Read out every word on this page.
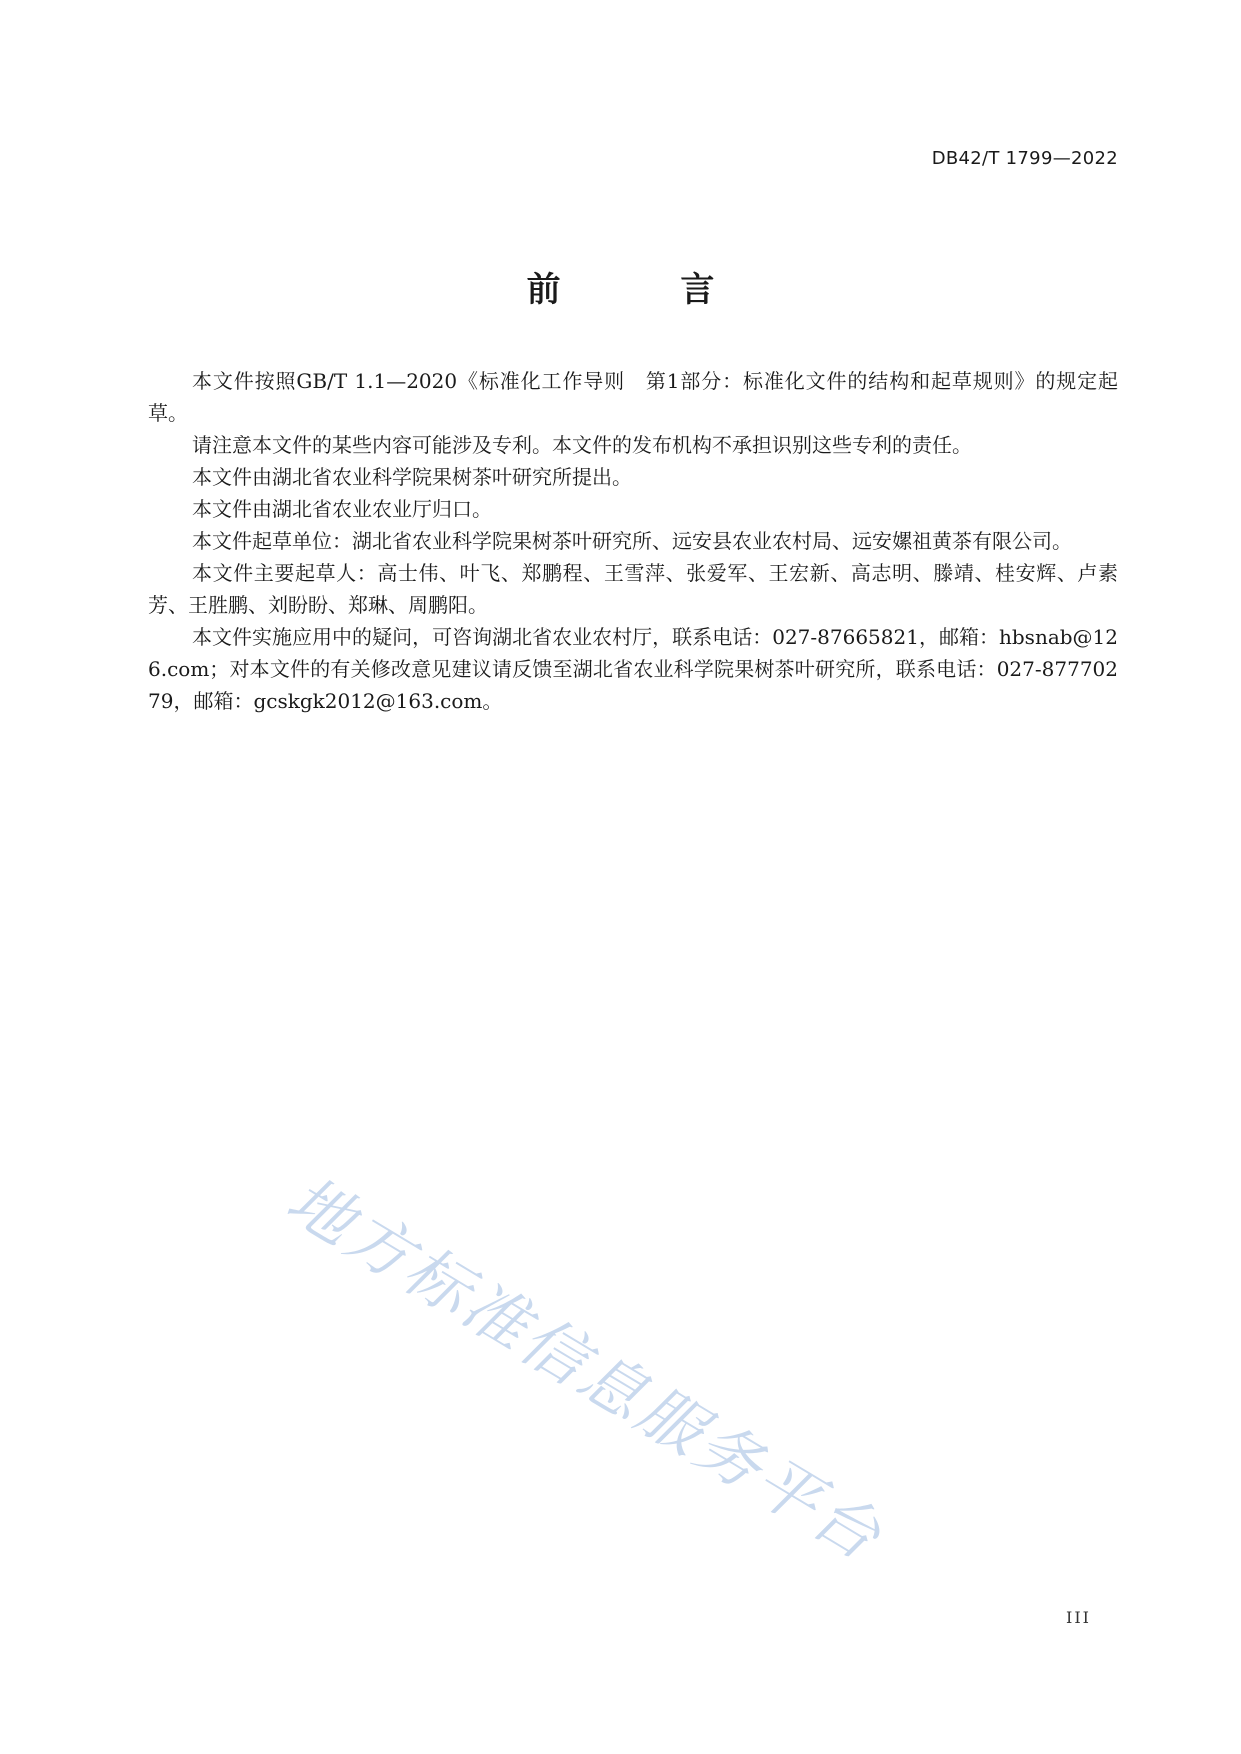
DB42/T 1799—2022
前 言

本文件按照GB/T 1.1—2020《标准化工作导则　第1部分：标准化文件的结构和起草规则》的规定起草。

请注意本文件的某些内容可能涉及专利。本文件的发布机构不承担识别这些专利的责任。

本文件由湖北省农业科学院果树茶叶研究所提出。

本文件由湖北省农业农业厅归口。

本文件起草单位：湖北省农业科学院果树茶叶研究所、远安县农业农村局、远安嫘祖黄茶有限公司。

本文件主要起草人：高士伟、叶飞、郑鹏程、王雪萍、张爱军、王宏新、高志明、滕靖、桂安辉、卢素芳、王胜鹏、刘盼盼、郑琳、周鹏阳。

本文件实施应用中的疑问，可咨询湖北省农业农村厅，联系电话：027-87665821，邮箱：hbsnab@126.com；对本文件的有关修改意见建议请反馈至湖北省农业科学院果树茶叶研究所，联系电话：027-87770279，邮箱：gcskgk2012@163.com。

地方标准信息服务平台
III
